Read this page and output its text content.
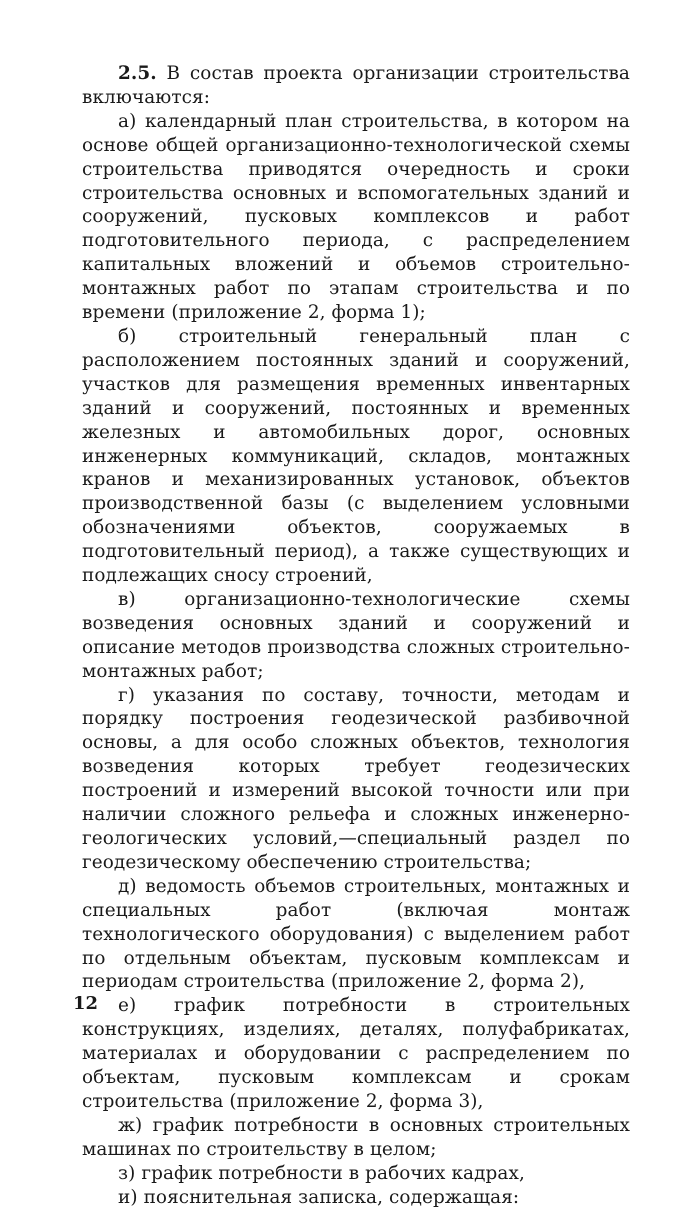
2.5. В состав проекта организации строительства включаются:

а) календарный план строительства, в котором на основе общей организационно-технологической схемы строительства приводятся очередность и сроки строительства основных и вспомогательных зданий и сооружений, пусковых комплексов и работ подготовительного периода, с распределением капитальных вложений и объемов строительно-монтажных работ по этапам строительства и по времени (приложение 2, форма 1);

б) строительный генеральный план с расположением постоянных зданий и сооружений, участков для размещения временных инвентарных зданий и сооружений, постоянных и временных железных и автомобильных дорог, основных инженерных коммуникаций, складов, монтажных кранов и механизированных установок, объектов производственной базы (с выделением условными обозначениями объектов, сооружаемых в подготовительный период), а также существующих и подлежащих сносу строений,

в) организационно-технологические схемы возведения основных зданий и сооружений и описание методов производства сложных строительно-монтажных работ;

г) указания по составу, точности, методам и порядку построения геодезической разбивочной основы, а для особо сложных объектов, технология возведения которых требует геодезических построений и измерений высокой точности или при наличии сложного рельефа и сложных инженерно-геологических условий,—специальный раздел по геодезическому обеспечению строительства;

д) ведомость объемов строительных, монтажных и специальных работ (включая монтаж технологического оборудования) с выделением работ по отдельным объектам, пусковым комплексам и периодам строительства (приложение 2, форма 2),

е) график потребности в строительных конструкциях, изделиях, деталях, полуфабрикатах, материалах и оборудовании с распределением по объектам, пусковым комплексам и срокам строительства (приложение 2, форма 3),

ж) график потребности в основных строительных машинах по строительству в целом;

з) график потребности в рабочих кадрах,

и) пояснительная записка, содержащая:

12
